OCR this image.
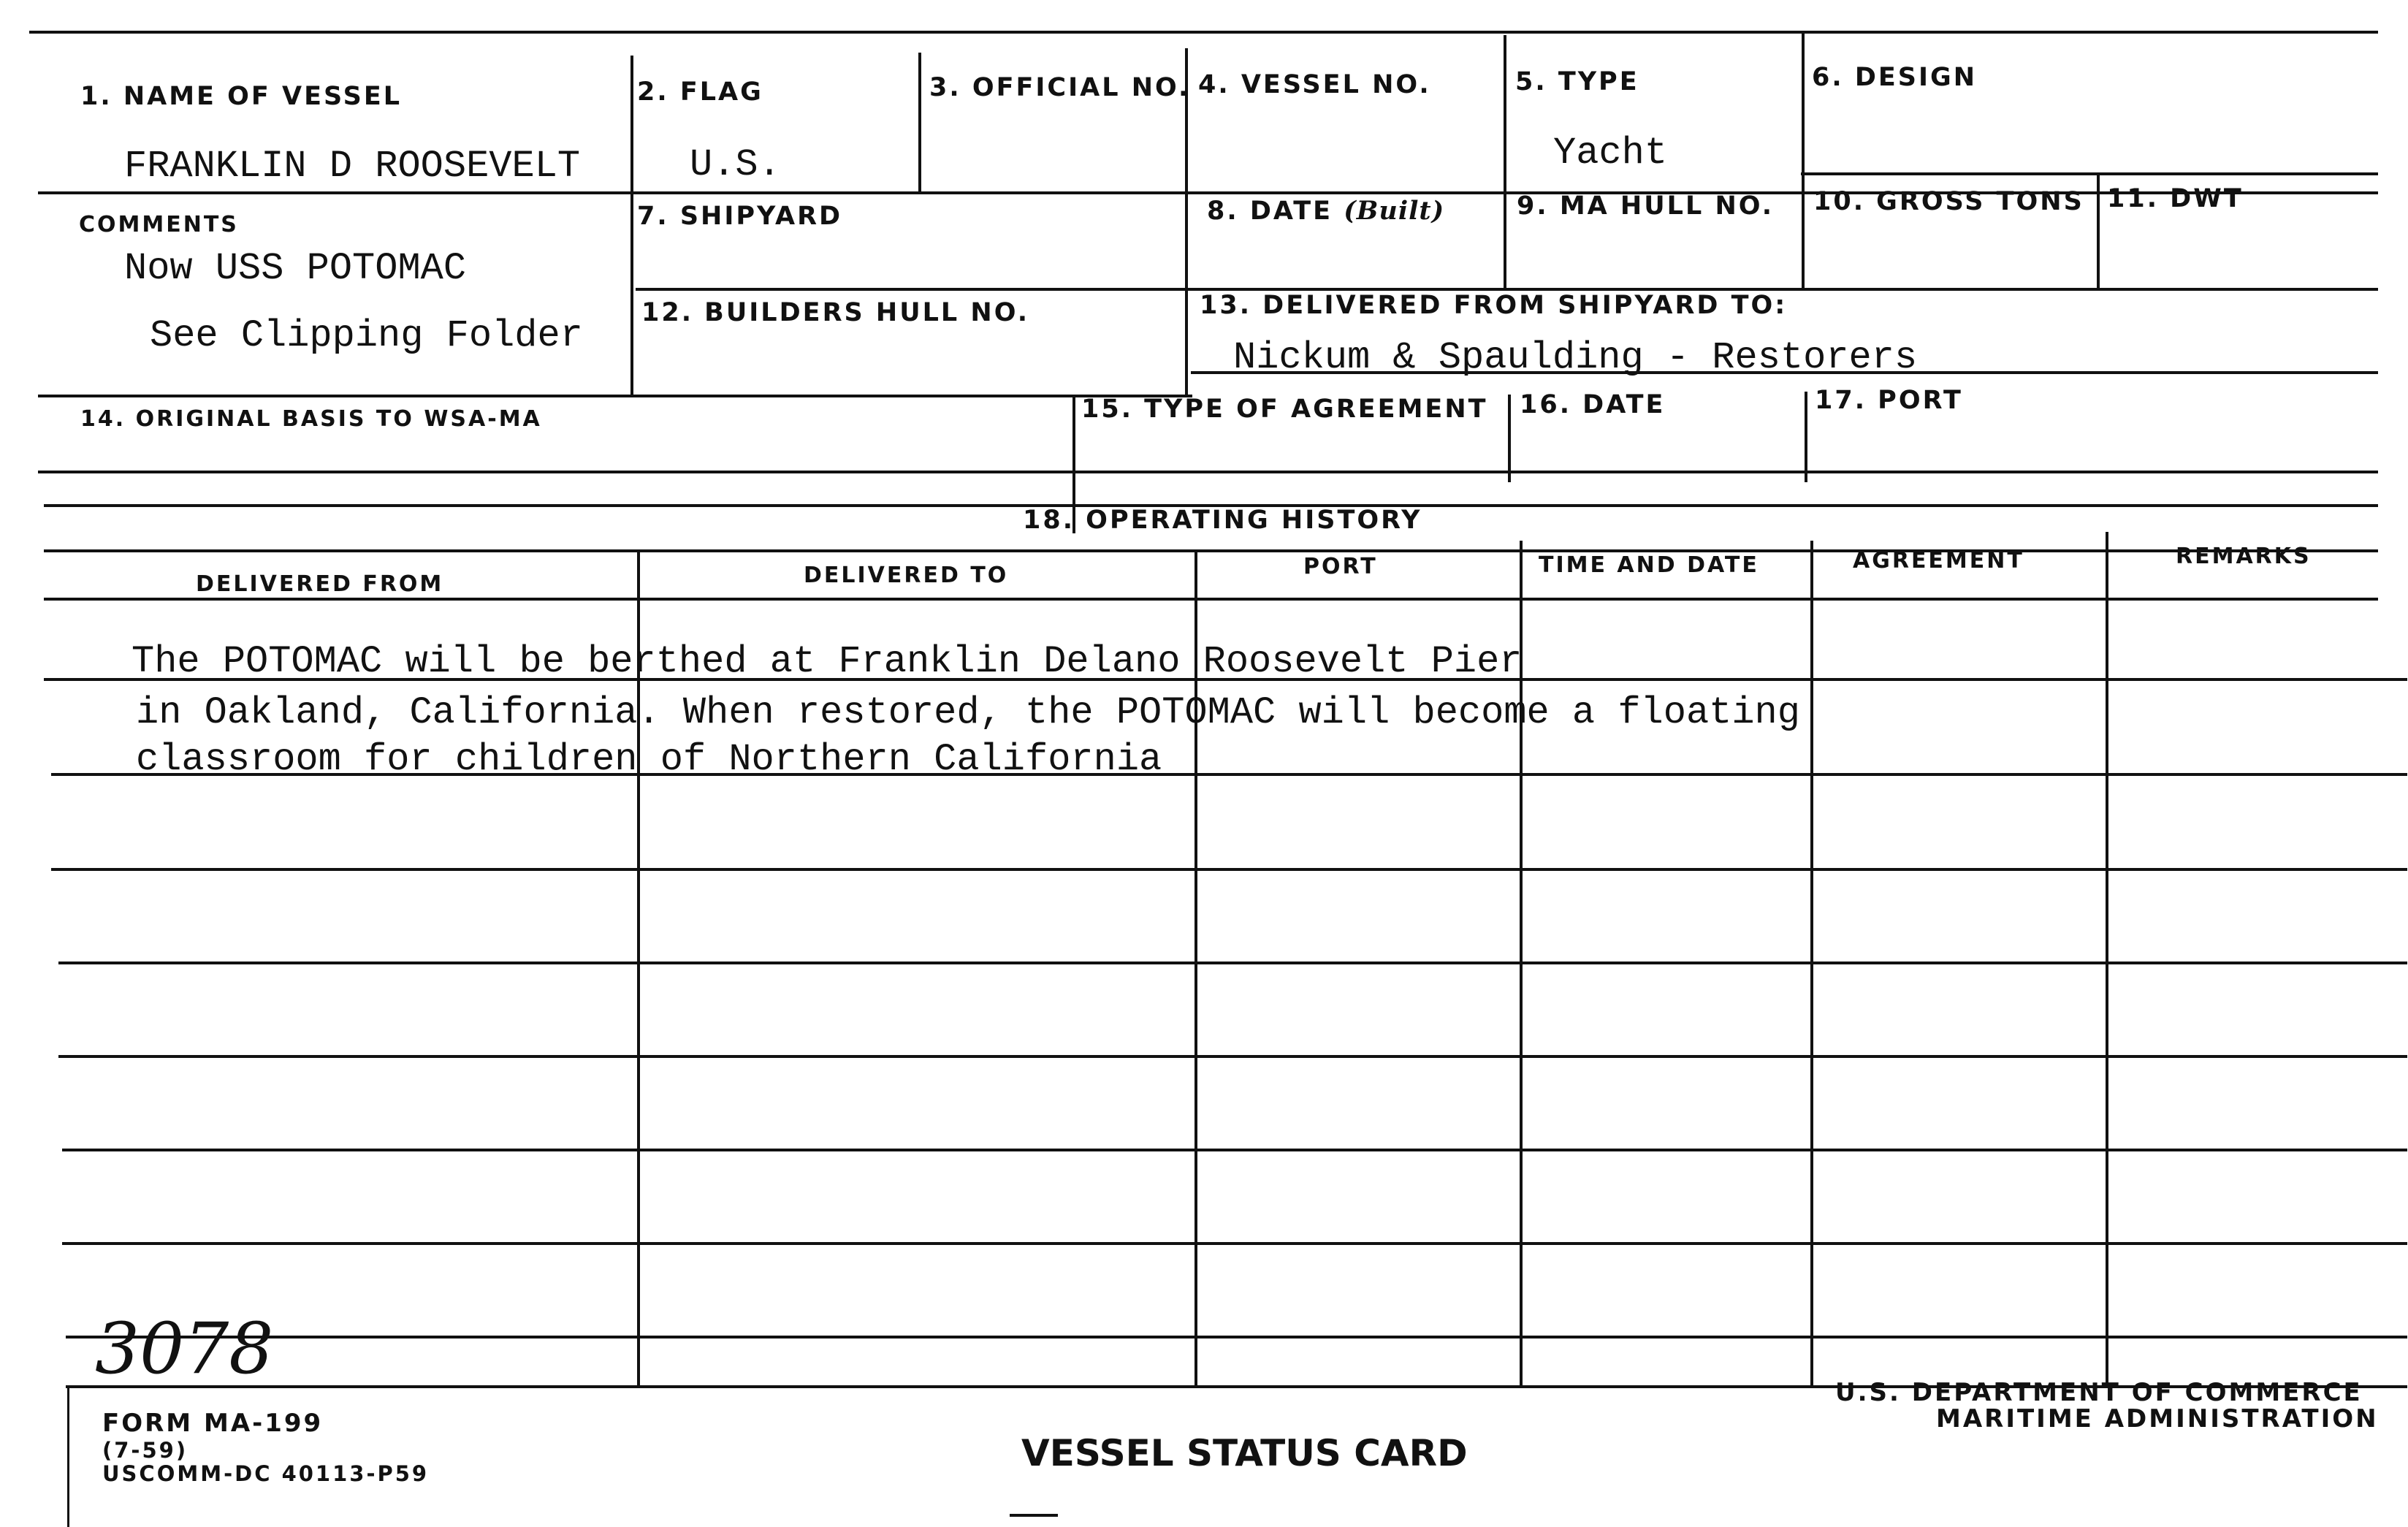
1. NAME OF VESSEL
FRANKLIN D ROOSEVELT
2. FLAG
U.S.
3. OFFICIAL NO. 4. VESSEL NO.	5. TYPE
Yacht
6. DESIGN
COMMENTS
Now USS POTOMAC
See Clipping Folder
7. SHIPYARD	8. DATE (Built)	9. MA HULL NO. 10. GROSS TONS 11. DWT
12. BUILDERS HULL NO.	13. DELIVERED FROM SHIPYARD TO:
Nickum & Spaulding - Restorers
14. ORIGINAL BASIS TO WSA-MA	15. TYPE OF AGREEMENT 16. DATE	17. PORT
18. OPERATING HISTORY
DELIVERED FROM	DELIVERED TO	PORT	TIME AND DATE	AGREEMENT	REMARKS
The POTOMAC will be berthed at Franklin Delano Roosevelt Pier
in Oakland, California. When restored, the POTOMAC will become a floating
classroom for children of Northern California
3078
FORM MA-199
(7-59)
USCOMM-DC 40113-P59	VESSEL STATUS CARD
U.S. DEPARTMENT OF COMMERCE
MARITIME ADMINISTRATION
